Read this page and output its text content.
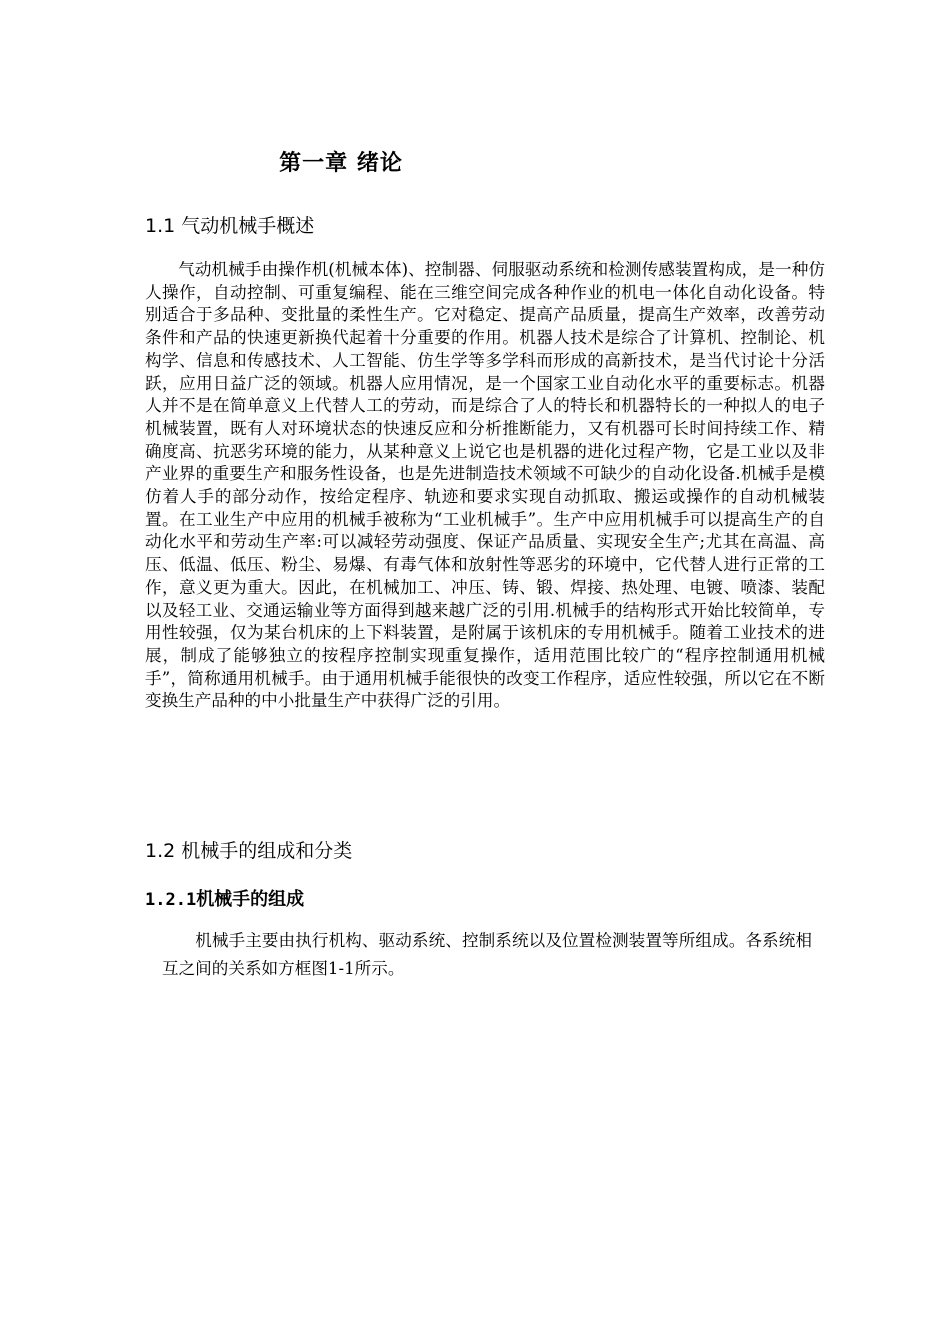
第一章 绪论
1.1 气动机械手概述

气动机械手由操作机(机械本体)、控制器、伺服驱动系统和检测传感装置构成，是一种仿人操作，自动控制、可重复编程、能在三维空间完成各种作业的机电一体化自动化设备。特别适合于多品种、变批量的柔性生产。它对稳定、提高产品质量，提高生产效率，改善劳动条件和产品的快速更新换代起着十分重要的作用。机器人技术是综合了计算机、控制论、机构学、信息和传感技术、人工智能、仿生学等多学科而形成的高新技术，是当代讨论十分活跃，应用日益广泛的领域。机器人应用情况，是一个国家工业自动化水平的重要标志。机器人并不是在简单意义上代替人工的劳动，而是综合了人的特长和机器特长的一种拟人的电子机械装置，既有人对环境状态的快速反应和分析推断能力，又有机器可长时间持续工作、精确度高、抗恶劣环境的能力，从某种意义上说它也是机器的进化过程产物，它是工业以及非产业界的重要生产和服务性设备，也是先进制造技术领域不可缺少的自动化设备.机械手是模仿着人手的部分动作，按给定程序、轨迹和要求实现自动抓取、搬运或操作的自动机械装置。在工业生产中应用的机械手被称为“工业机械手”。生产中应用机械手可以提高生产的自动化水平和劳动生产率:可以减轻劳动强度、保证产品质量、实现安全生产;尤其在高温、高压、低温、低压、粉尘、易爆、有毒气体和放射性等恶劣的环境中，它代替人进行正常的工作，意义更为重大。因此，在机械加工、冲压、铸、锻、焊接、热处理、电镀、喷漆、装配以及轻工业、交通运输业等方面得到越来越广泛的引用.机械手的结构形式开始比较简单，专用性较强，仅为某台机床的上下料装置，是附属于该机床的专用机械手。随着工业技术的进展，制成了能够独立的按程序控制实现重复操作，适用范围比较广的“程序控制通用机械手”，简称通用机械手。由于通用机械手能很快的改变工作程序，适应性较强，所以它在不断变换生产品种的中小批量生产中获得广泛的引用。

1.2 机械手的组成和分类
1.2.1机械手的组成

机械手主要由执行机构、驱动系统、控制系统以及位置检测装置等所组成。各系统相互之间的关系如方框图1-1所示。
